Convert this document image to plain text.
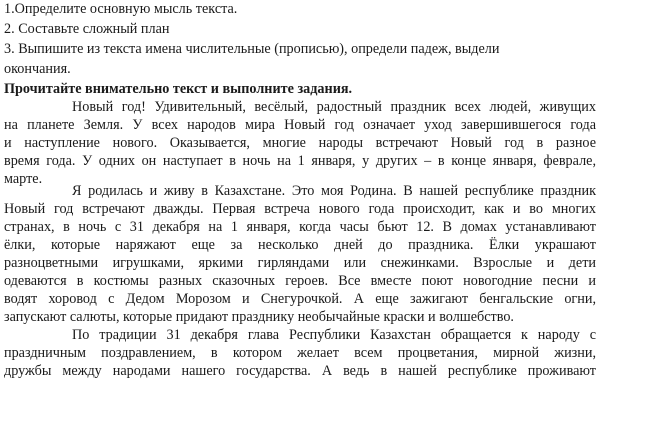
1.Определите основную мысль текста.
2. Составьте сложный план
3. Выпишите из текста имена числительные (прописью), определи падеж, выдели
окончания.
Прочитайте внимательно текст и выполните задания.
Новый год! Удивительный, весёлый, радостный праздник всех людей, живущих
на планете Земля. У всех народов мира Новый год означает уход завершившегося года
и наступление нового. Оказывается, многие народы встречают Новый год в разное
время года. У одних он наступает в ночь на 1 января, у других – в конце января, феврале,
марте.
Я родилась и живу в Казахстане. Это моя Родина. В нашей республике праздник
Новый год встречают дважды. Первая встреча нового года происходит, как и во многих
странах, в ночь с 31 декабря на 1 января, когда часы бьют 12. В домах устанавливают
ёлки, которые наряжают еще за несколько дней до праздника. Ёлки украшают
разноцветными игрушками, яркими гирляндами или снежинками. Взрослые и дети
одеваются в костюмы разных сказочных героев. Все вместе поют новогодние песни и
водят хоровод с Дедом Морозом и Снегурочкой. А еще зажигают бенгальские огни,
запускают салюты, которые придают празднику необычайные краски и волшебство.
По традиции 31 декабря глава Республики Казахстан обращается к народу с
праздничным поздравлением, в котором желает всем процветания, мирной жизни,
дружбы между народами нашего государства. А ведь в нашей республике проживают
